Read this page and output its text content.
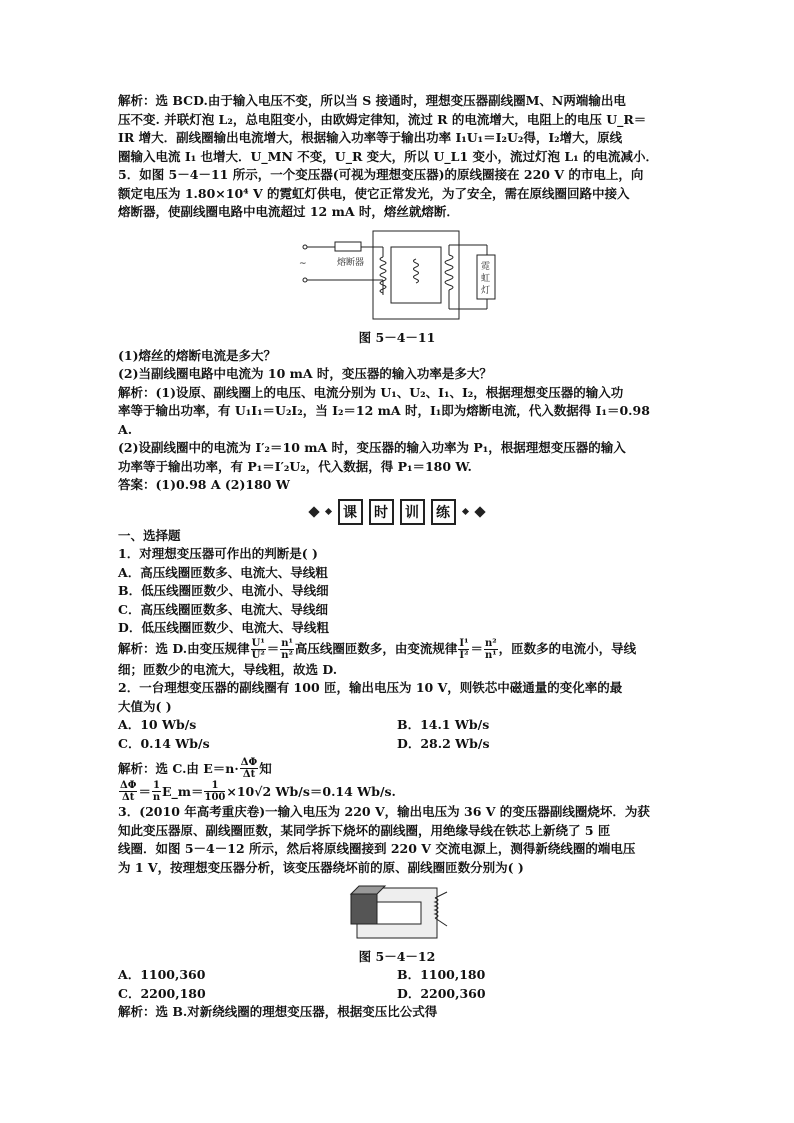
解析：选 BCD.由于输入电压不变，所以当 S 接通时，理想变压器副线圈M、N两端输出电

压不变. 并联灯泡 L₂，总电阻变小，由欧姆定律知，流过 R 的电流增大，电阻上的电压 U_R＝

IR 增大．副线圈输出电流增大，根据输入功率等于输出功率 I₁U₁＝I₂U₂得，I₂增大，原线

圈输入电流 I₁ 也增大．U_MN 不变，U_R 变大，所以 U_L1 变小，流过灯泡 L₁ 的电流减小．

5．如图 5－4－11 所示，一个变压器(可视为理想变压器)的原线圈接在 220 V 的市电上，向

额定电压为 1.80×10⁴ V 的霓虹灯供电，使它正常发光，为了安全，需在原线圈回路中接入

熔断器，使副线圈电路中电流超过 12 mA 时，熔丝就熔断．

~	熔断器	霓
虹
灯

图 5－4－11

(1)熔丝的熔断电流是多大？

(2)当副线圈电路中电流为 10 mA 时，变压器的输入功率是多大？

解析：(1)设原、副线圈上的电压、电流分别为 U₁、U₂、I₁、I₂，根据理想变压器的输入功

率等于输出功率，有 U₁I₁＝U₂I₂，当 I₂＝12 mA 时，I₁即为熔断电流，代入数据得 I₁＝0.98

A.

(2)设副线圈中的电流为 I′₂＝10 mA 时，变压器的输入功率为 P₁，根据理想变压器的输入

功率等于输出功率，有 P₁＝I′₂U₂，代入数据，得 P₁＝180 W.

答案：(1)0.98 A (2)180 W

课	时	训	练

一、选择题

1．对理想变压器可作出的判断是( )

A．高压线圈匝数多、电流大、导线粗

B．低压线圈匝数少、电流小、导线细

C．高压线圈匝数多、电流大、导线细

D．低压线圈匝数少、电流大、导线粗

解析：选 D.由变压规律 $\frac{\text{U¹}}{\text{U²}} = \frac{\text{n¹}}{\text{n²}}$ 高压线圈匝数多，由变流规律 $\frac{\text{I¹}}{\text{I²}} = \frac{\text{n²}}{\text{n¹}}$ ，匝数多的电流小，导线

细；匝数少的电流大，导线粗，故选 D.

2．一台理想变压器的副线圈有 100 匝，输出电压为 10 V，则铁芯中磁通量的变化率的最

大值为( )

A．10 Wb/s	B．14.1 Wb/s
C．0.14 Wb/s	D．28.2 Wb/s
解析：选 C.由 $E=n\cdot \frac{\Delta\Phi}{\Delta t}$ 知
$\frac{\Delta\Phi}{\Delta t} = \frac{1}{n}$ E_m＝ $\frac{1}{100} \times 10√2$ Wb/s＝0.14 Wb/s.

3．(2010 年高考重庆卷)一输入电压为 220 V，输出电压为 36 V 的变压器副线圈烧坏．为获

知此变压器原、副线圈匝数，某同学拆下烧坏的副线圈，用绝缘导线在铁芯上新绕了 5 匝

线圈．如图 5－4－12 所示，然后将原线圈接到 220 V 交流电源上，测得新绕线圈的端电压

为 1 V，按理想变压器分析，该变压器绕坏前的原、副线圈匝数分别为( )

图 5－4－12

A．1100,360	B．1100,180
C．2200,180	D．2200,360

解析：选 B.对新绕线圈的理想变压器，根据变压比公式得
